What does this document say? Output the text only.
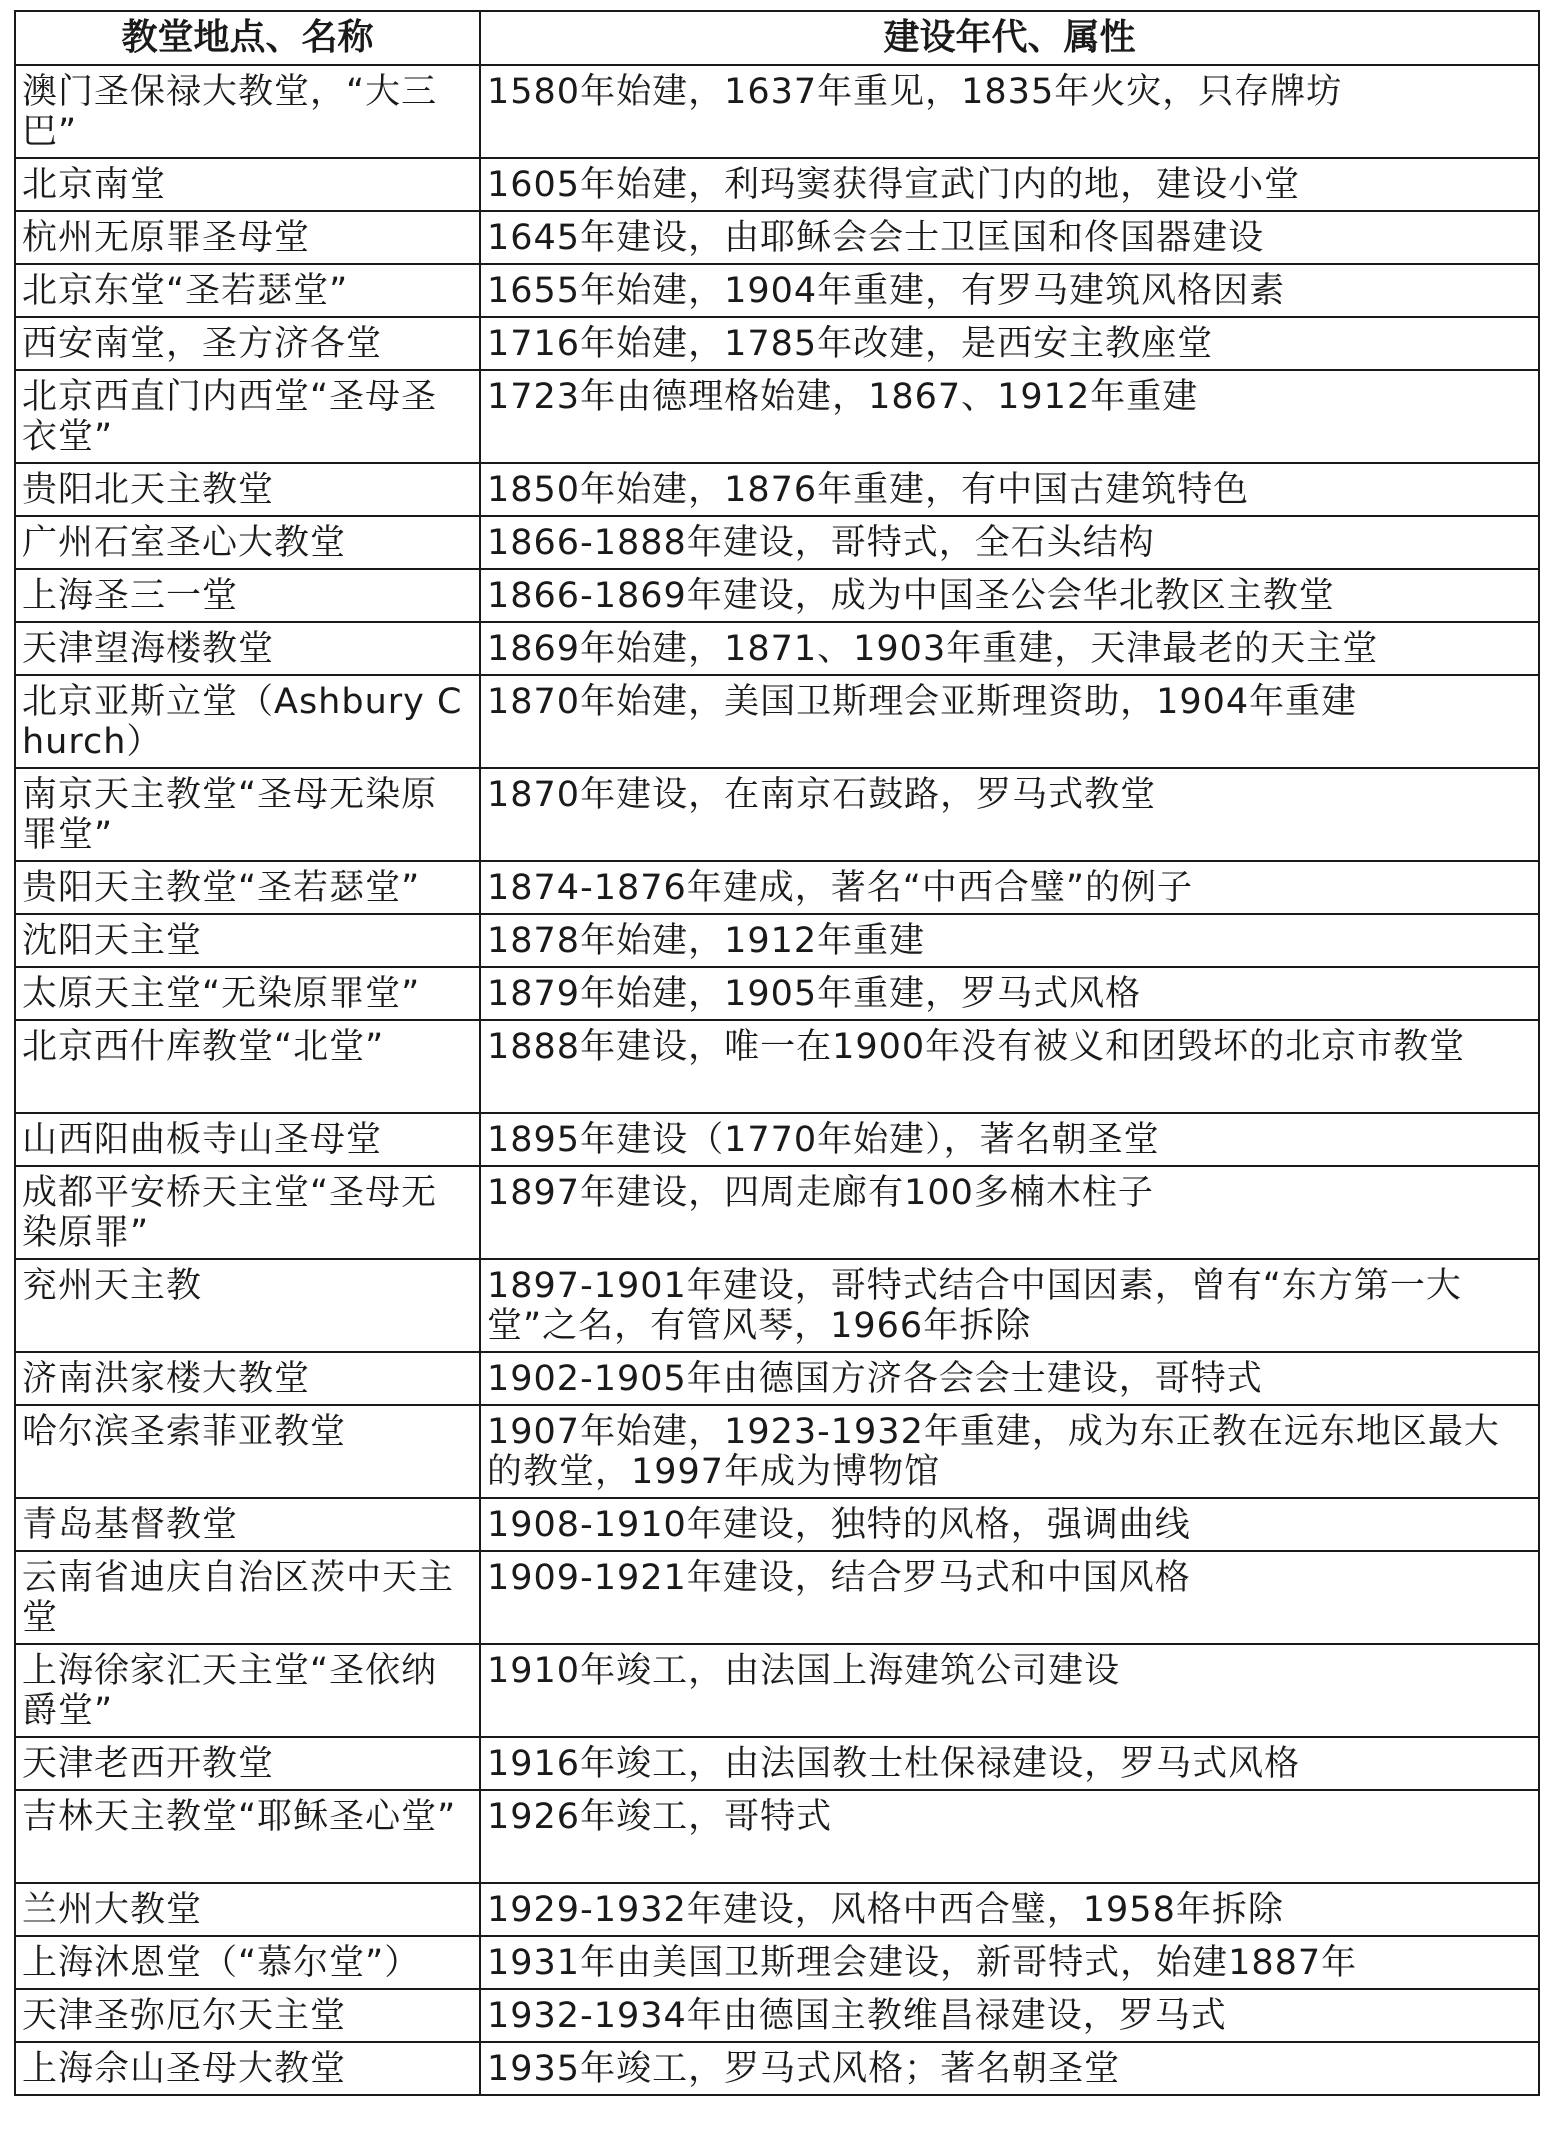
教堂地点、名称	建设年代、属性
澳门圣保禄大教堂，“大三巴”	1580年始建，1637年重见，1835年火灾，只存牌坊
北京南堂	1605年始建，利玛窦获得宣武门内的地，建设小堂
杭州无原罪圣母堂	1645年建设，由耶稣会会士卫匡国和佟国器建设
北京东堂“圣若瑟堂”	1655年始建，1904年重建，有罗马建筑风格因素
西安南堂，圣方济各堂	1716年始建，1785年改建，是西安主教座堂
北京西直门内西堂“圣母圣衣堂”	1723年由德理格始建，1867、1912年重建
贵阳北天主教堂	1850年始建，1876年重建，有中国古建筑特色
广州石室圣心大教堂	1866-1888年建设，哥特式，全石头结构
上海圣三一堂	1866-1869年建设，成为中国圣公会华北教区主教堂
天津望海楼教堂	1869年始建，1871、1903年重建，天津最老的天主堂
北京亚斯立堂（Ashbury Church）	1870年始建，美国卫斯理会亚斯理资助，1904年重建
南京天主教堂“圣母无染原罪堂”	1870年建设，在南京石鼓路，罗马式教堂
贵阳天主教堂“圣若瑟堂”	1874-1876年建成，著名“中西合璧”的例子
沈阳天主堂	1878年始建，1912年重建
太原天主堂“无染原罪堂”	1879年始建，1905年重建，罗马式风格
北京西什库教堂“北堂”	1888年建设，唯一在1900年没有被义和团毁坏的北京市教堂
山西阳曲板寺山圣母堂	1895年建设（1770年始建），著名朝圣堂
成都平安桥天主堂“圣母无染原罪”	1897年建设，四周走廊有100多楠木柱子
兖州天主教	1897-1901年建设，哥特式结合中国因素，曾有“东方第一大堂”之名，有管风琴，1966年拆除
济南洪家楼大教堂	1902-1905年由德国方济各会会士建设，哥特式
哈尔滨圣索菲亚教堂	1907年始建，1923-1932年重建，成为东正教在远东地区最大的教堂，1997年成为博物馆
青岛基督教堂	1908-1910年建设，独特的风格，强调曲线
云南省迪庆自治区茨中天主堂	1909-1921年建设，结合罗马式和中国风格
上海徐家汇天主堂“圣依纳爵堂”	1910年竣工，由法国上海建筑公司建设
天津老西开教堂	1916年竣工，由法国教士杜保禄建设，罗马式风格
吉林天主教堂“耶稣圣心堂”	1926年竣工，哥特式
兰州大教堂	1929-1932年建设，风格中西合璧，1958年拆除
上海沐恩堂（“慕尔堂”）	1931年由美国卫斯理会建设，新哥特式，始建1887年
天津圣弥厄尔天主堂	1932-1934年由德国主教维昌禄建设，罗马式
上海佘山圣母大教堂	1935年竣工，罗马式风格；著名朝圣堂
